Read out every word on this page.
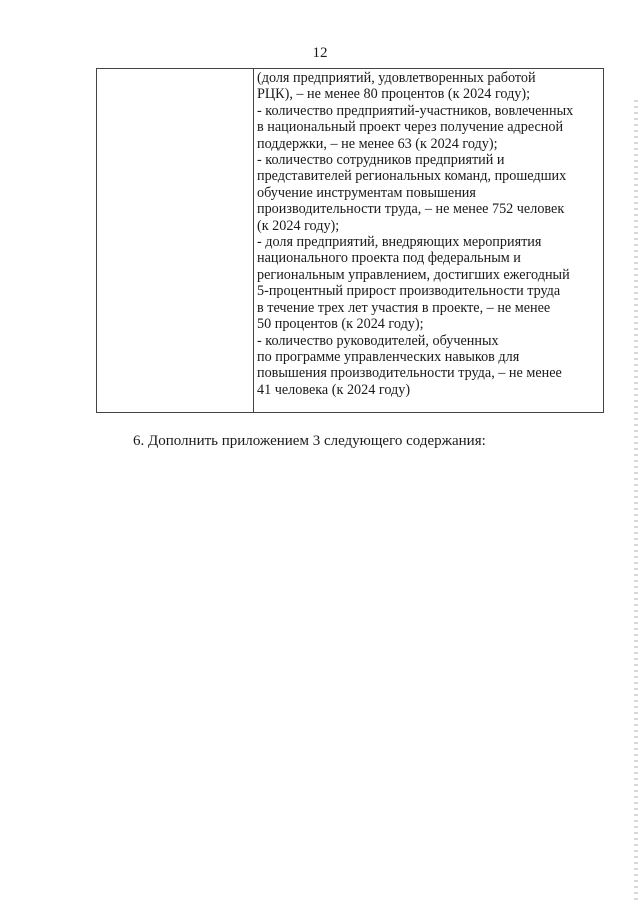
12
(доля предприятий, удовлетворенных работой
РЦК), – не менее 80 процентов (к 2024 году);
- количество предприятий-участников, вовлеченных
в национальный проект через получение адресной
поддержки, – не менее 63 (к 2024 году);
- количество сотрудников предприятий и
представителей региональных команд, прошедших
обучение инструментам повышения
производительности труда, – не менее 752 человек
(к 2024 году);
- доля предприятий, внедряющих мероприятия
национального проекта под федеральным и
региональным управлением, достигших ежегодный
5-процентный прирост производительности труда
в течение трех лет участия в проекте, – не менее
50 процентов (к 2024 году);
- количество руководителей, обученных
по программе управленческих навыков для
повышения производительности труда, – не менее
41 человека (к 2024 году)
6. Дополнить приложением 3 следующего содержания:
